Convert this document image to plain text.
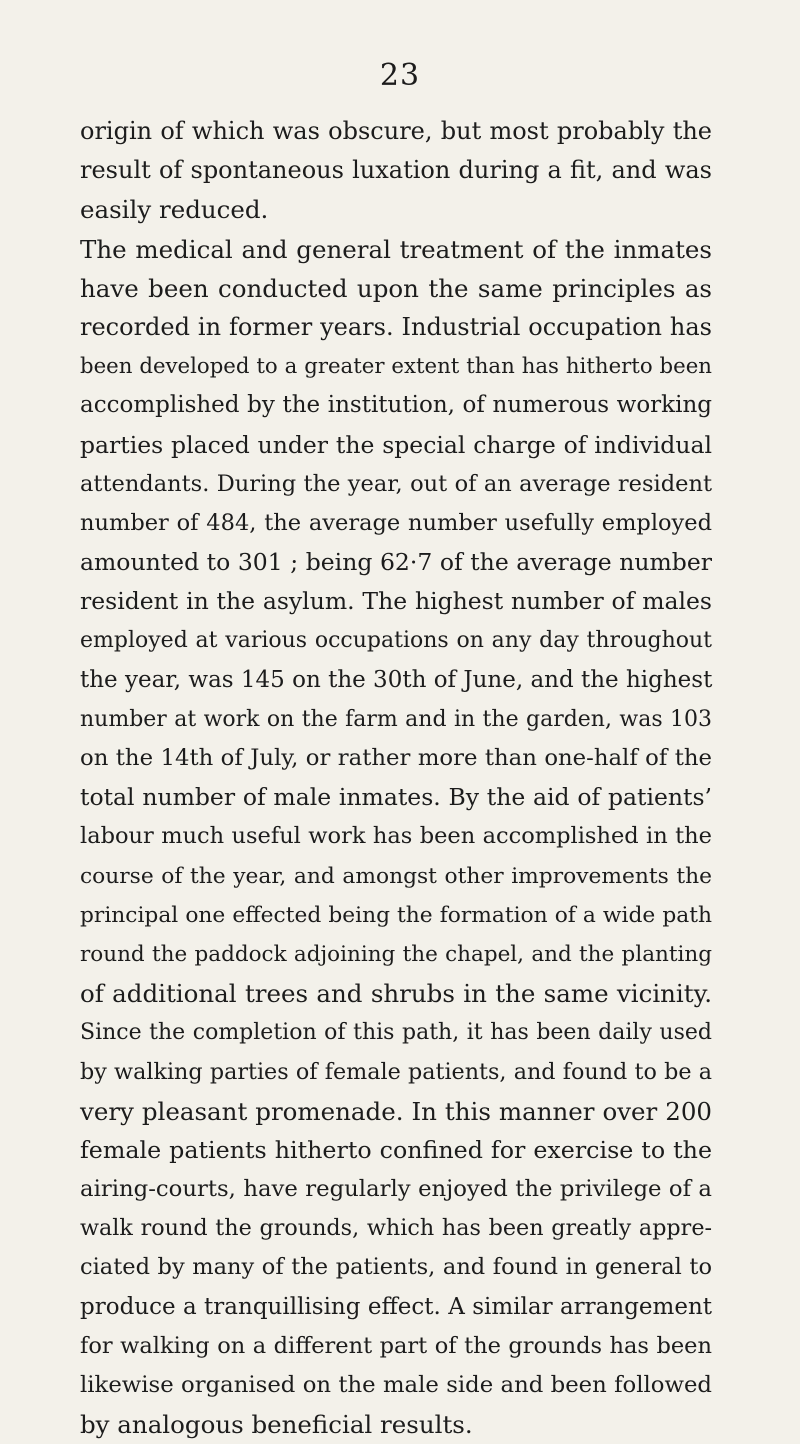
23
origin of which was obscure, but most probably the
result of spontaneous luxation during a fit, and was
easily reduced.
The medical and general treatment of the inmates
have been conducted upon the same principles as
recorded in former years. Industrial occupation has
been developed to a greater extent than has hitherto been
accomplished by the institution, of numerous working
parties placed under the special charge of individual
attendants. During the year, out of an average resident
number of 484, the average number usefully employed
amounted to 301 ; being 62·7 of the average number
resident in the asylum. The highest number of males
employed at various occupations on any day throughout
the year, was 145 on the 30th of June, and the highest
number at work on the farm and in the garden, was 103
on the 14th of July, or rather more than one-half of the
total number of male inmates. By the aid of patients’
labour much useful work has been accomplished in the
course of the year, and amongst other improvements the
principal one effected being the formation of a wide path
round the paddock adjoining the chapel, and the planting
of additional trees and shrubs in the same vicinity.
Since the completion of this path, it has been daily used
by walking parties of female patients, and found to be a
very pleasant promenade. In this manner over 200
female patients hitherto confined for exercise to the
airing-courts, have regularly enjoyed the privilege of a
walk round the grounds, which has been greatly appre-
ciated by many of the patients, and found in general to
produce a tranquillising effect. A similar arrangement
for walking on a different part of the grounds has been
likewise organised on the male side and been followed
by analogous beneficial results.
